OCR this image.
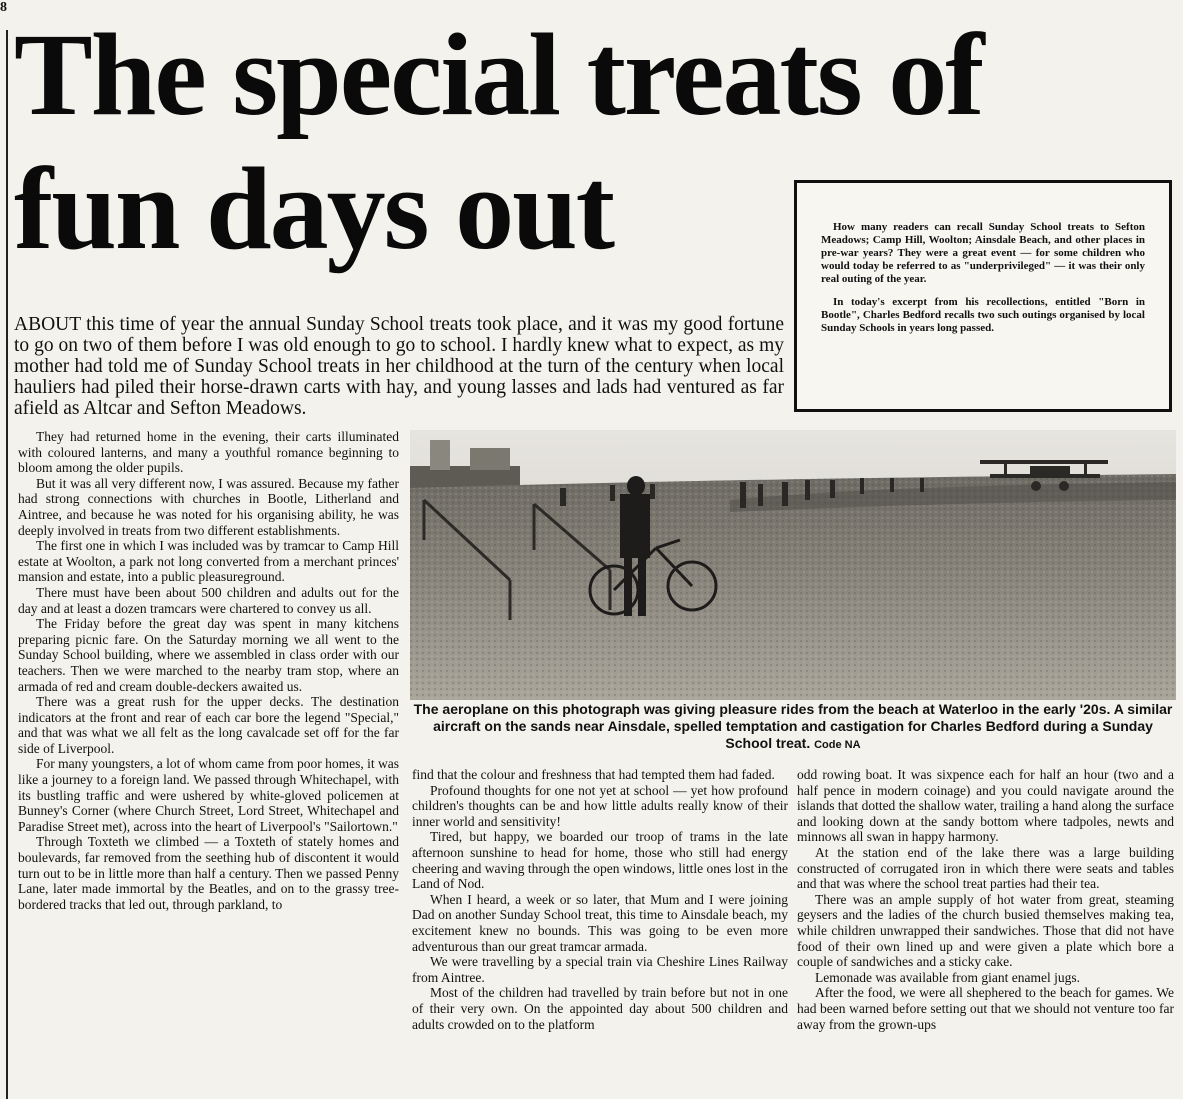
8
The special treats of
fun days out	How many readers can recall Sunday School treats to Sefton Meadows; Camp Hill, Woolton; Ainsdale Beach, and other places in pre-war years? They were a great event — for some children who would today be referred to as "underprivileged" — it was their only real outing of the year.

In today's excerpt from his recollections, entitled "Born in Bootle", Charles Bedford recalls two such outings organised by local Sunday Schools in years long passed.

ABOUT this time of year the annual Sunday School treats took place, and it was my good fortune to go on two of them before I was old enough to go to school. I hardly knew what to expect, as my mother had told me of Sunday School treats in her childhood at the turn of the century when local hauliers had piled their horse-drawn carts with hay, and young lasses and lads had ventured as far afield as Altcar and Sefton Meadows.

They had returned home in the evening, their carts illuminated with coloured lanterns, and many a youthful romance beginning to bloom among the older pupils.

But it was all very different now, I was assured. Because my father had strong connections with churches in Bootle, Litherland and Aintree, and because he was noted for his organising ability, he was deeply involved in treats from two different establishments.

The first one in which I was included was by tramcar to Camp Hill estate at Woolton, a park not long converted from a merchant princes' mansion and estate, into a public pleasureground.

There must have been about 500 children and adults out for the day and at least a dozen tramcars were chartered to convey us all.

The Friday before the great day was spent in many kitchens preparing picnic fare. On the Saturday morning we all went to the Sunday School building, where we assembled in class order with our teachers. Then we were marched to the nearby tram stop, where an armada of red and cream double-deckers awaited us.

There was a great rush for the upper decks. The destination indicators at the front and rear of each car bore the legend "Special," and that was what we all felt as the long cavalcade set off for the far side of Liverpool.

For many youngsters, a lot of whom came from poor homes, it was like a journey to a foreign land. We passed through Whitechapel, with its bustling traffic and were ushered by white-gloved policemen at Bunney's Corner (where Church Street, Lord Street, Whitechapel and Paradise Street met), across into the heart of Liverpool's "Sailortown."

Through Toxteth we climbed — a Toxteth of stately homes and boulevards, far removed from the seething hub of discontent it would turn out to be in little more than half a century. Then we passed Penny Lane, later made immortal by the Beatles, and on to the grassy tree-bordered tracks that led out, through parkland, to

The aeroplane on this photograph was giving pleasure rides from the beach at Waterloo in the early '20s. A similar aircraft on the sands near Ainsdale, spelled temptation and castigation for Charles Bedford during a Sunday School treat. Code NA

find that the colour and freshness that had tempted them had faded.

Profound thoughts for one not yet at school — yet how profound children's thoughts can be and how little adults really know of their inner world and sensitivity!

Tired, but happy, we boarded our troop of trams in the late afternoon sunshine to head for home, those who still had energy cheering and waving through the open windows, little ones lost in the Land of Nod.

When I heard, a week or so later, that Mum and I were joining Dad on another Sunday School treat, this time to Ainsdale beach, my excitement knew no bounds. This was going to be even more adventurous than our great tramcar armada.

We were travelling by a special train via Cheshire Lines Railway from Aintree.

Most of the children had travelled by train before but not in one of their very own. On the appointed day about 500 children and adults crowded on to the platform

odd rowing boat. It was sixpence each for half an hour (two and a half pence in modern coinage) and you could navigate around the islands that dotted the shallow water, trailing a hand along the surface and looking down at the sandy bottom where tadpoles, newts and minnows all swan in happy harmony.

At the station end of the lake there was a large building constructed of corrugated iron in which there were seats and tables and that was where the school treat parties had their tea.

There was an ample supply of hot water from great, steaming geysers and the ladies of the church busied themselves making tea, while children unwrapped their sandwiches. Those that did not have food of their own lined up and were given a plate which bore a couple of sandwiches and a sticky cake.

Lemonade was available from giant enamel jugs.

After the food, we were all shephered to the beach for games. We had been warned before setting out that we should not venture too far away from the grown-ups
